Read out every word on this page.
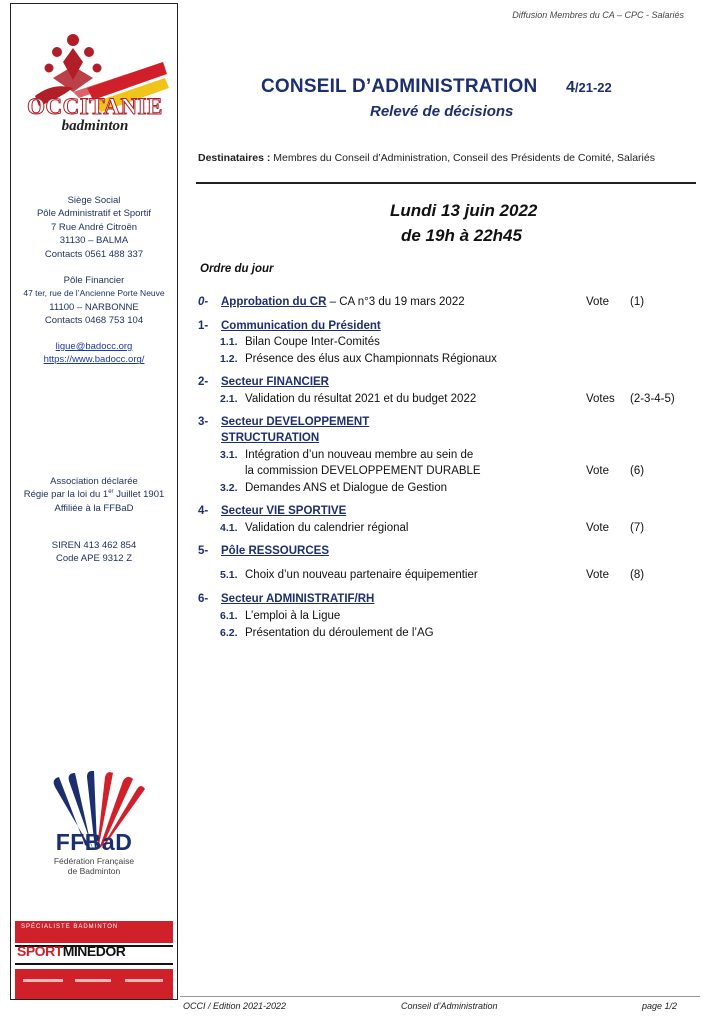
OCCITANIE
badminton
Siège Social
Pôle Administratif et Sportif
7 Rue André Citroën
31130 – BALMA
Contacts 0561 488 337
Pôle Financier
47 ter, rue de l’Ancienne Porte Neuve
11100 – NARBONNE
Contacts 0468 753 104
ligue@badocc.org
https://www.badocc.org/
Association déclarée
Régie par la loi du 1er Juillet 1901
Affiliée à la FFBaD
SIREN 413 462 854
Code APE 9312 Z
FFBaD
Fédération Française
de Badminton
SPÉCIALISTE BADMINTON
SPORTMINEDOR
Diffusion Membres du CA – CPC - Salariés
CONSEIL D’ADMINISTRATION 4/21-22
Relevé de décisions
Destinataires : Membres du Conseil d’Administration, Conseil des Présidents de Comité, Salariés
Lundi 13 juin 2022
de 19h à 22h45
Ordre du jour
0- Approbation du CR – CA n°3 du 19 mars 2022	Vote (1)
1- Communication du Président
1.1. Bilan Coupe Inter-Comités
1.2. Présence des élus aux Championnats Régionaux
2- Secteur FINANCIER
2.1. Validation du résultat 2021 et du budget 2022	Votes (2-3-4-5)
3- Secteur DEVELOPPEMENT
STRUCTURATION
3.1. Intégration d’un nouveau membre au sein de
la commission DEVELOPPEMENT DURABLE	Vote (6)
3.2. Demandes ANS et Dialogue de Gestion
4- Secteur VIE SPORTIVE
4.1. Validation du calendrier régional	Vote (7)
5- Pôle RESSOURCES
5.1. Choix d’un nouveau partenaire équipementier	Vote (8)
6- Secteur ADMINISTRATIF/RH
6.1. L’emploi à la Ligue
6.2. Présentation du déroulement de l’AG
OCCI / Edition 2021-2022	Conseil d’Administration	page 1/2
